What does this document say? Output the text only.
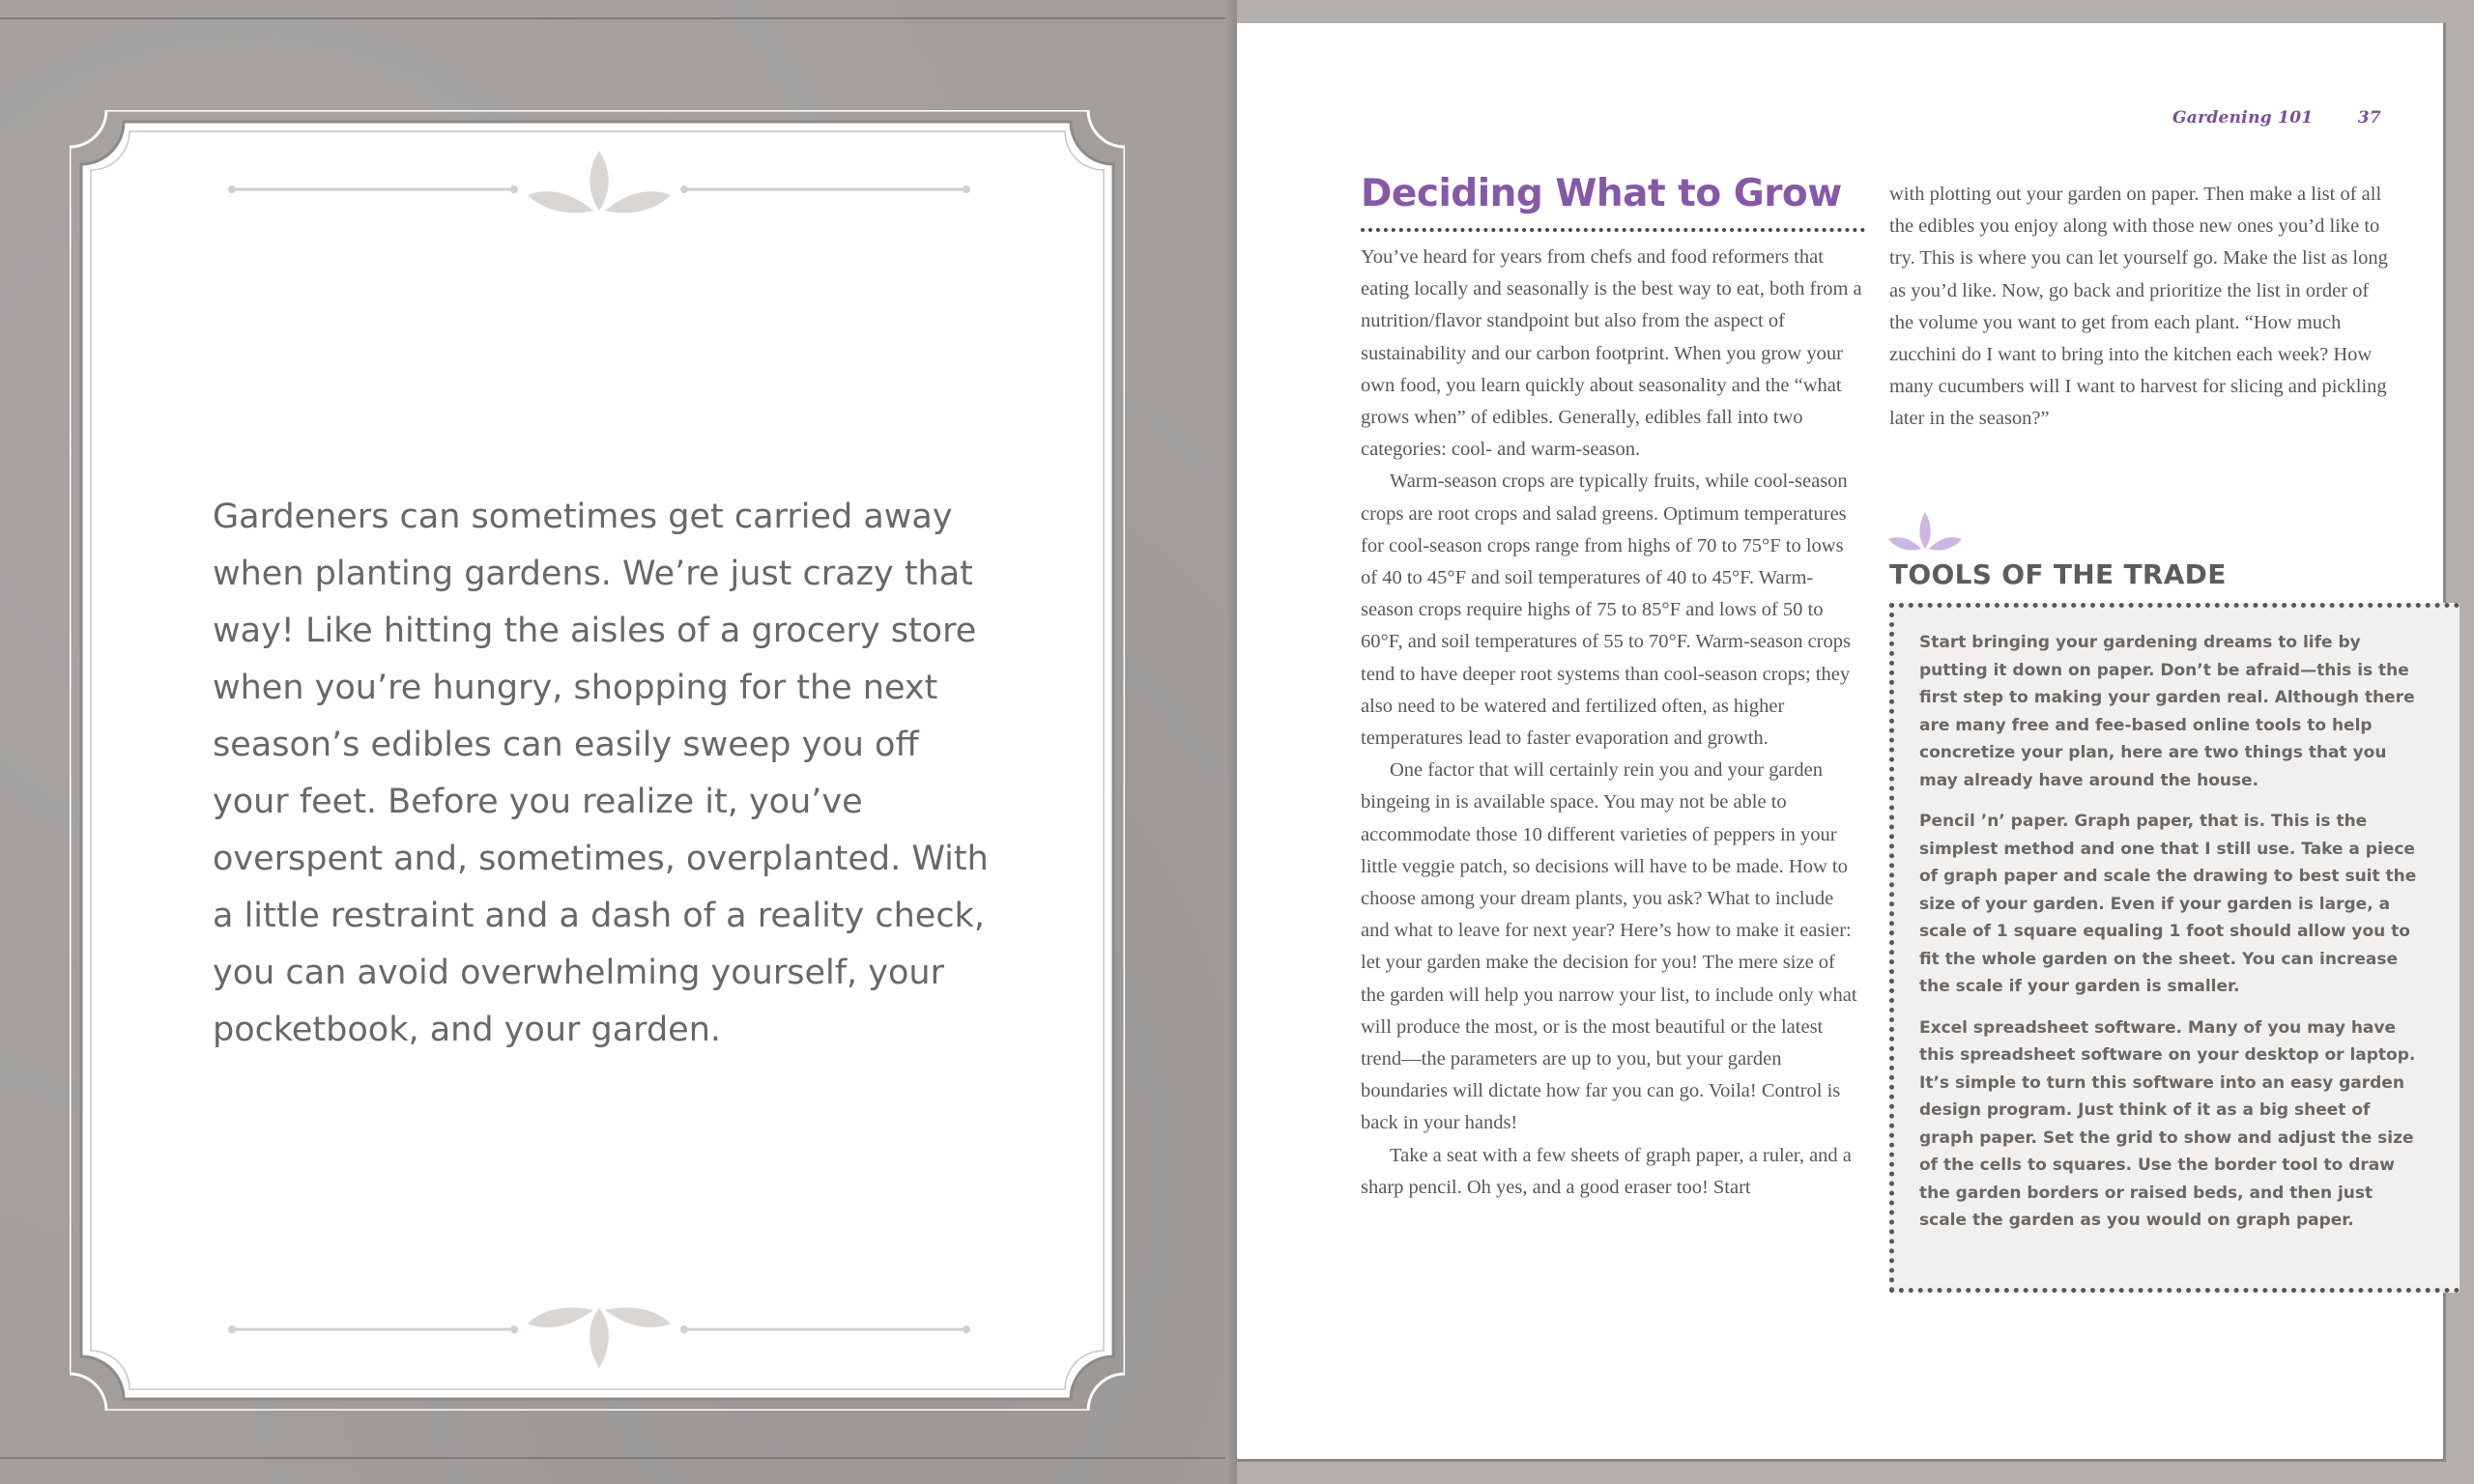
Gardeners can sometimes get carried away when planting gardens. We’re just crazy that way! Like hitting the aisles of a grocery store when you’re hungry, shopping for the next season’s edibles can easily sweep you off your feet. Before you realize it, you’ve overspent and, sometimes, overplanted. With a little restraint and a dash of a reality check, you can avoid overwhelming yourself, your pocketbook, and your garden.

Gardening 101	37
Deciding What to Grow

You’ve heard for years from chefs and food reformers that eating locally and seasonally is the best way to eat, both from a nutrition/flavor standpoint but also from the aspect of sustainability and our carbon footprint. When you grow your own food, you learn quickly about seasonality and the “what grows when” of edibles. Generally, edibles fall into two categories: cool- and warm-season.

Warm-season crops are typically fruits, while cool-season crops are root crops and salad greens. Optimum temperatures for cool-season crops range from highs of 70 to 75°F to lows of 40 to 45°F and soil temperatures of 40 to 45°F. Warm-season crops require highs of 75 to 85°F and lows of 50 to 60°F, and soil temperatures of 55 to 70°F. Warm-season crops tend to have deeper root systems than cool-season crops; they also need to be watered and fertilized often, as higher temperatures lead to faster evaporation and growth.

One factor that will certainly rein you and your garden bingeing in is available space. You may not be able to accommodate those 10 different varieties of peppers in your little veggie patch, so decisions will have to be made. How to choose among your dream plants, you ask? What to include and what to leave for next year? Here’s how to make it easier: let your garden make the decision for you! The mere size of the garden will help you narrow your list, to include only what will produce the most, or is the most beautiful or the latest trend—the parameters are up to you, but your garden boundaries will dictate how far you can go. Voila! Control is back in your hands!

Take a seat with a few sheets of graph paper, a ruler, and a sharp pencil. Oh yes, and a good eraser too! Start

with plotting out your garden on paper. Then make a list of all the edibles you enjoy along with those new ones you’d like to try. This is where you can let yourself go. Make the list as long as you’d like. Now, go back and prioritize the list in order of the volume you want to get from each plant. “How much zucchini do I want to bring into the kitchen each week? How many cucumbers will I want to harvest for slicing and pickling later in the season?”

TOOLS OF THE TRADE

Start bringing your gardening dreams to life by putting it down on paper. Don’t be afraid—this is the first step to making your garden real. Although there are many free and fee-based online tools to help concretize your plan, here are two things that you may already have around the house.

Pencil ’n’ paper. Graph paper, that is. This is the simplest method and one that I still use. Take a piece of graph paper and scale the drawing to best suit the size of your garden. Even if your garden is large, a scale of 1 square equaling 1 foot should allow you to fit the whole garden on the sheet. You can increase the scale if your garden is smaller.

Excel spreadsheet software. Many of you may have this spreadsheet software on your desktop or laptop. It’s simple to turn this software into an easy garden design program. Just think of it as a big sheet of graph paper. Set the grid to show and adjust the size of the cells to squares. Use the border tool to draw the garden borders or raised beds, and then just scale the garden as you would on graph paper.
